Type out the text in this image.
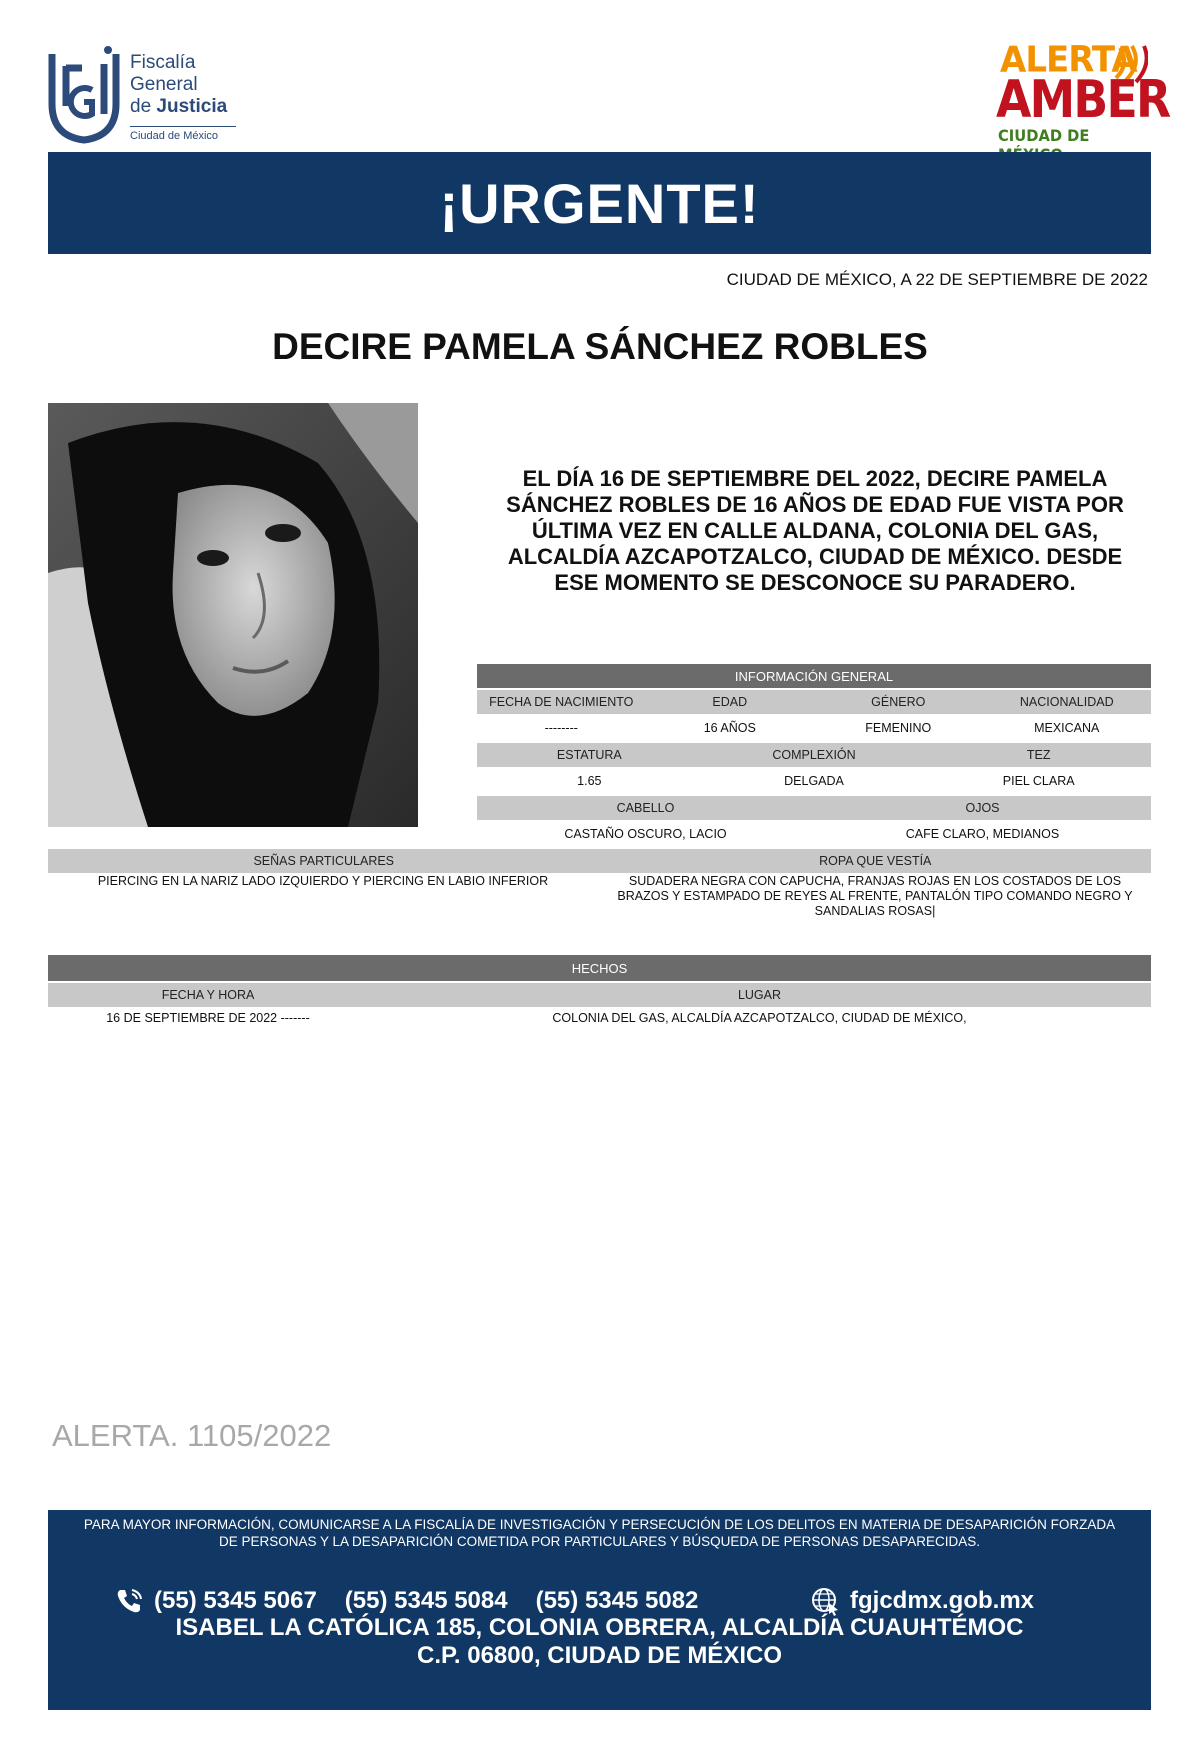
Fiscalía
General
de Justicia
Ciudad de México
ALERTA
AMBER
CIUDAD DE
¡URGENTE!
CIUDAD DE MÉXICO, A 22 DE SEPTIEMBRE DE 2022
DECIRE PAMELA SÁNCHEZ ROBLES
EL DÍA 16 DE SEPTIEMBRE DEL 2022, DECIRE PAMELA SÁNCHEZ ROBLES DE 16 AÑOS DE EDAD FUE VISTA POR ÚLTIMA VEZ EN CALLE ALDANA, COLONIA DEL GAS, ALCALDÍA AZCAPOTZALCO, CIUDAD DE MÉXICO. DESDE ESE MOMENTO SE DESCONOCE SU PARADERO.
INFORMACIÓN GENERAL
FECHA DE NACIMIENTO	EDAD	GÉNERO	NACIONALIDAD
--------	16 AÑOS	FEMENINO	MEXICANA
ESTATURA	COMPLEXIÓN	TEZ
1.65	DELGADA	PIEL CLARA
CABELLO	OJOS
CASTAÑO OSCURO, LACIO	CAFE CLARO, MEDIANOS
SEÑAS PARTICULARES	ROPA QUE VESTÍA
PIERCING EN LA NARIZ LADO IZQUIERDO Y PIERCING EN LABIO INFERIOR	SUDADERA NEGRA CON CAPUCHA, FRANJAS ROJAS EN LOS COSTADOS DE LOS BRAZOS Y ESTAMPADO DE REYES AL FRENTE, PANTALÓN TIPO COMANDO NEGRO Y SANDALIAS ROSAS|
HECHOS
FECHA Y HORA	LUGAR
16 DE SEPTIEMBRE DE 2022 -------	COLONIA DEL GAS, ALCALDÍA AZCAPOTZALCO, CIUDAD DE MÉXICO,
ALERTA. 1105/2022
PARA MAYOR INFORMACIÓN, COMUNICARSE A LA FISCALÍA DE INVESTIGACIÓN Y PERSECUCIÓN DE LOS DELITOS EN MATERIA DE DESAPARICIÓN FORZADA DE PERSONAS Y LA DESAPARICIÓN COMETIDA POR PARTICULARES Y BÚSQUEDA DE PERSONAS DESAPARECIDAS.
(55) 5345 5067 (55) 5345 5084 (55) 5345 5082	fgjcdmx.gob.mx
ISABEL LA CATÓLICA 185, COLONIA OBRERA, ALCALDÍA CUAUHTÉMOC
C.P. 06800, CIUDAD DE MÉXICO
